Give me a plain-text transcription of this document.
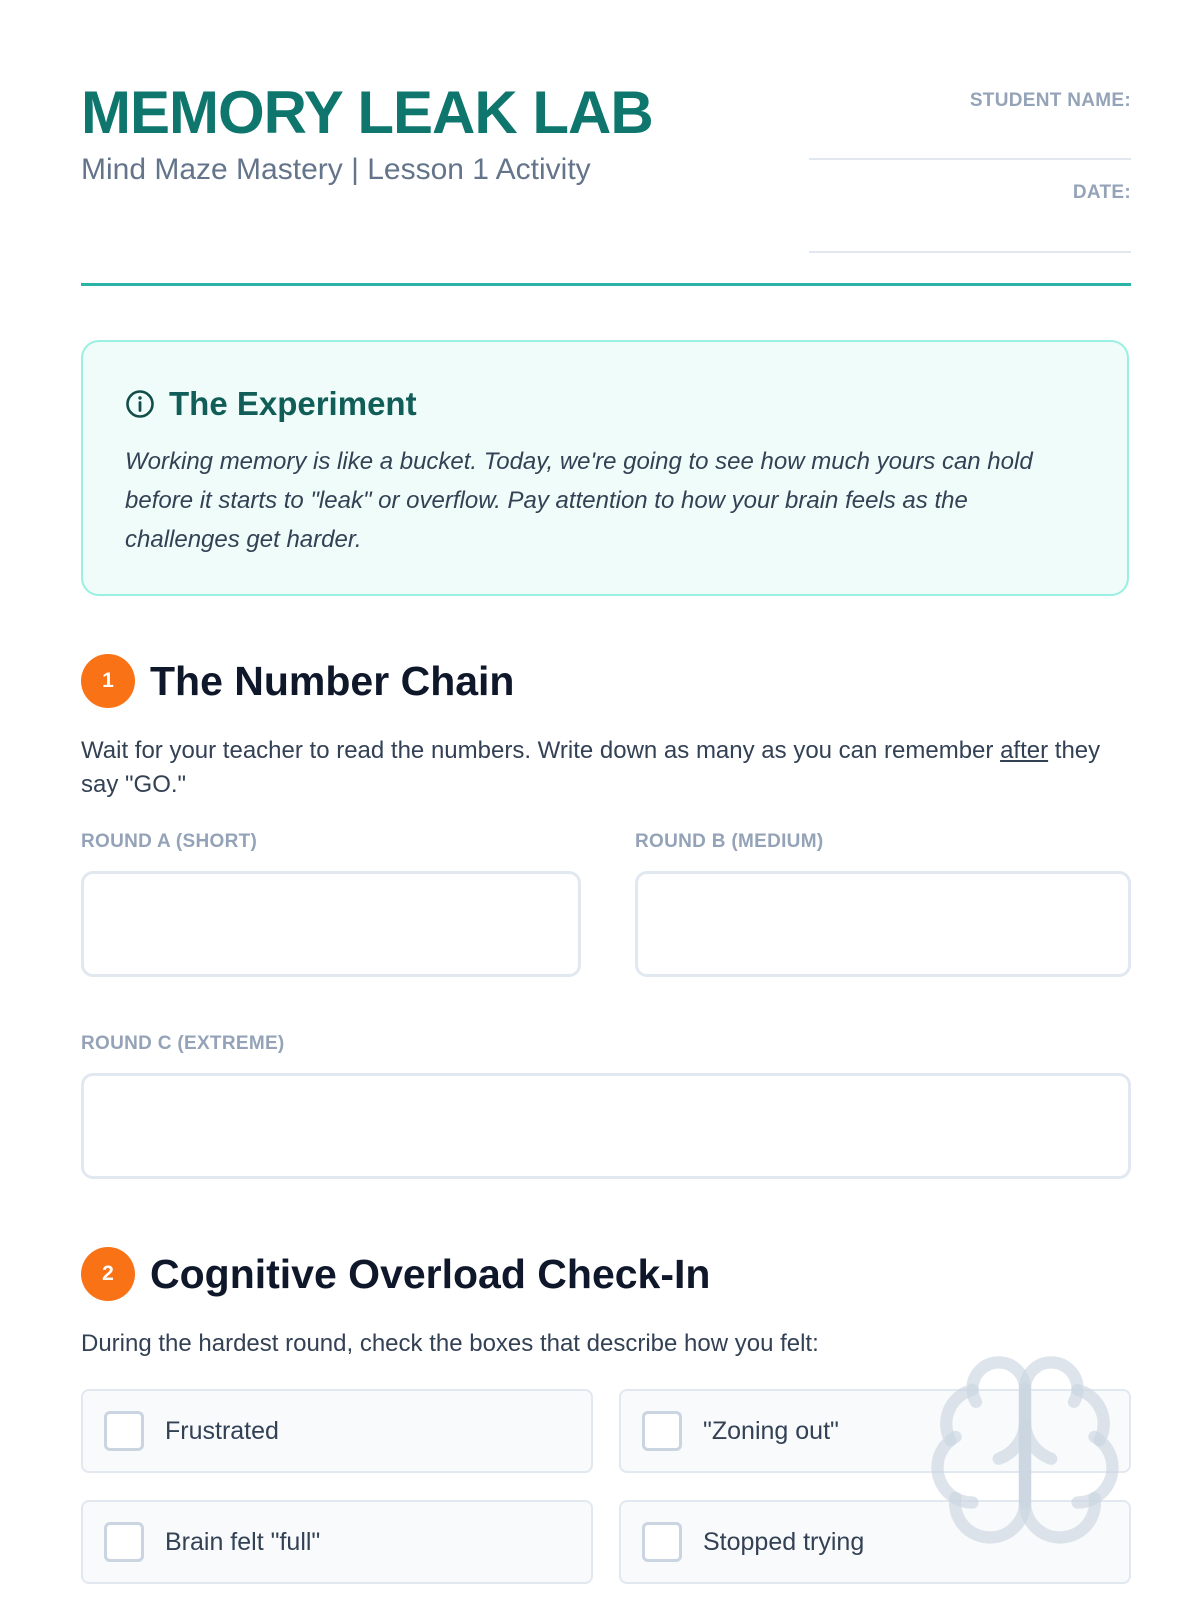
MEMORY LEAK LAB

Mind Maze Mastery | Lesson 1 Activity

STUDENT NAME:
DATE:
The Experiment

Working memory is like a bucket. Today, we're going to see how much yours can hold before it starts to "leak" or overflow. Pay attention to how your brain feels as the challenges get harder.

1 The Number Chain

Wait for your teacher to read the numbers. Write down as many as you can remember after they say "GO."

ROUND A (SHORT)	ROUND B (MEDIUM)
ROUND C (EXTREME)
2 Cognitive Overload Check-In

During the hardest round, check the boxes that describe how you felt:

Frustrated	"Zoning out"
Brain felt "full"	Stopped trying
